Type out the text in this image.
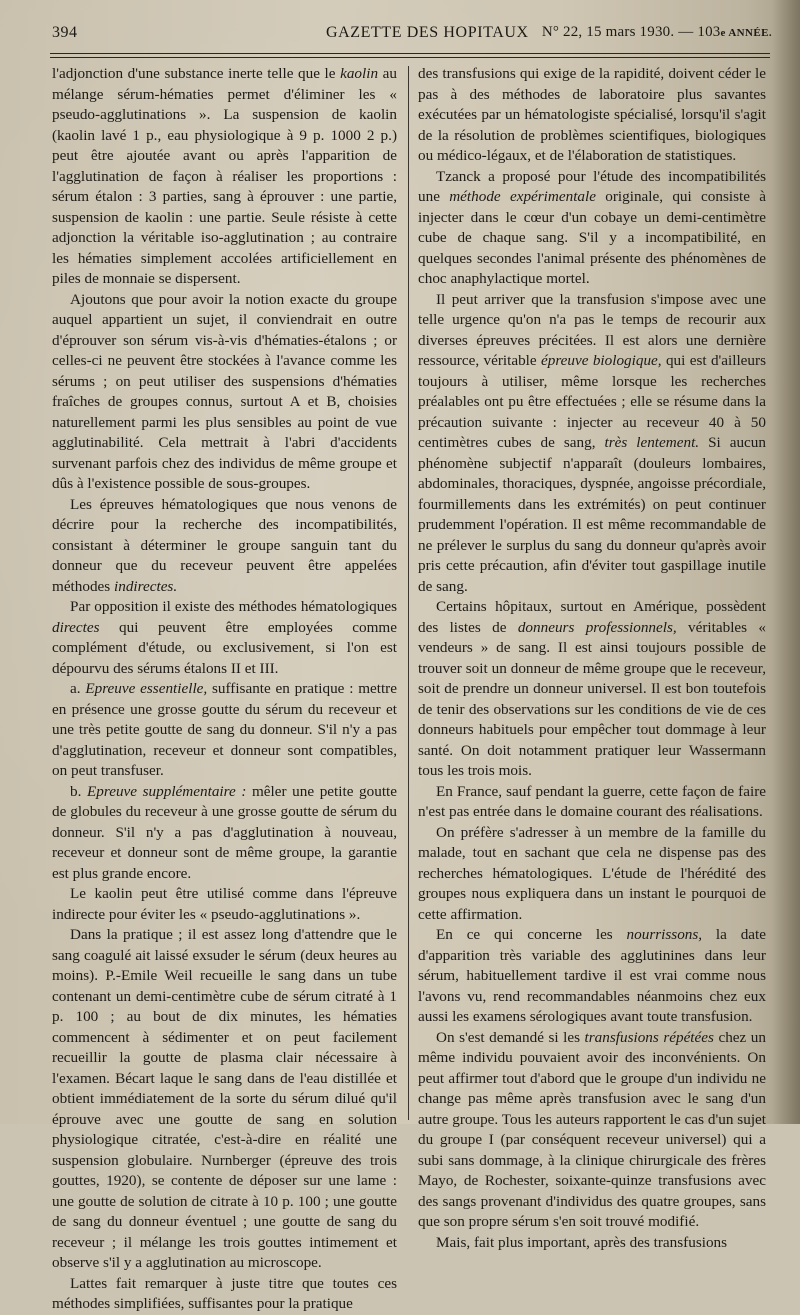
394	GAZETTE DES HOPITAUX N° 22, 15 mars 1930. — 103e ANNÉE.

l'adjonction d'une substance inerte telle que le kaolin au mélange sérum-hématies permet d'éliminer les « pseudo-agglutinations ». La suspension de kaolin (kaolin lavé 1 p., eau physiologique à 9 p. 1000 2 p.) peut être ajoutée avant ou après l'apparition de l'agglutination de façon à réaliser les proportions : sérum étalon : 3 parties, sang à éprouver : une partie, suspension de kaolin : une partie. Seule résiste à cette adjonction la véritable iso-agglutination ; au contraire les hématies simplement accolées artificiellement en piles de monnaie se dispersent.

Ajoutons que pour avoir la notion exacte du groupe auquel appartient un sujet, il conviendrait en outre d'éprouver son sérum vis-à-vis d'hématies-étalons ; or celles-ci ne peuvent être stockées à l'avance comme les sérums ; on peut utiliser des suspensions d'hématies fraîches de groupes connus, surtout A et B, choisies naturellement parmi les plus sensibles au point de vue agglutinabilité. Cela mettrait à l'abri d'accidents survenant parfois chez des individus de même groupe et dûs à l'existence possible de sous-groupes.

Les épreuves hématologiques que nous venons de décrire pour la recherche des incompatibilités, consistant à déterminer le groupe sanguin tant du donneur que du receveur peuvent être appelées méthodes indirectes.

Par opposition il existe des méthodes hématologiques directes qui peuvent être employées comme complément d'étude, ou exclusivement, si l'on est dépourvu des sérums étalons II et III.

a. Epreuve essentielle, suffisante en pratique : mettre en présence une grosse goutte du sérum du receveur et une très petite goutte de sang du donneur. S'il n'y a pas d'agglutination, receveur et donneur sont compatibles, on peut transfuser.

b. Epreuve supplémentaire : mêler une petite goutte de globules du receveur à une grosse goutte de sérum du donneur. S'il n'y a pas d'agglutination à nouveau, receveur et donneur sont de même groupe, la garantie est plus grande encore.

Le kaolin peut être utilisé comme dans l'épreuve indirecte pour éviter les « pseudo-agglutinations ».

Dans la pratique ; il est assez long d'attendre que le sang coagulé ait laissé exsuder le sérum (deux heures au moins). P.-Emile Weil recueille le sang dans un tube contenant un demi-centimètre cube de sérum citraté à 1 p. 100 ; au bout de dix minutes, les hématies commencent à sédimenter et on peut facilement recueillir la goutte de plasma clair nécessaire à l'examen. Bécart laque le sang dans de l'eau distillée et obtient immédiatement de la sorte du sérum dilué qu'il éprouve avec une goutte de sang en solution physiologique citratée, c'est-à-dire en réalité une suspension globulaire. Nurnberger (épreuve des trois gouttes, 1920), se contente de déposer sur une lame : une goutte de solution de citrate à 10 p. 100 ; une goutte de sang du donneur éventuel ; une goutte de sang du receveur ; il mélange les trois gouttes intimement et observe s'il y a agglutination au microscope.

Lattes fait remarquer à juste titre que toutes ces méthodes simplifiées, suffisantes pour la pratique

des transfusions qui exige de la rapidité, doivent céder le pas à des méthodes de laboratoire plus savantes exécutées par un hématologiste spécialisé, lorsqu'il s'agit de la résolution de problèmes scientifiques, biologiques ou médico-légaux, et de l'élaboration de statistiques.

Tzanck a proposé pour l'étude des incompatibilités une méthode expérimentale originale, qui consiste à injecter dans le cœur d'un cobaye un demi-centimètre cube de chaque sang. S'il y a incompatibilité, en quelques secondes l'animal présente des phénomènes de choc anaphylactique mortel.

Il peut arriver que la transfusion s'impose avec une telle urgence qu'on n'a pas le temps de recourir aux diverses épreuves précitées. Il est alors une dernière ressource, véritable épreuve biologique, qui est d'ailleurs toujours à utiliser, même lorsque les recherches préalables ont pu être effectuées ; elle se résume dans la précaution suivante : injecter au receveur 40 à 50 centimètres cubes de sang, très lentement. Si aucun phénomène subjectif n'apparaît (douleurs lombaires, abdominales, thoraciques, dyspnée, angoisse précordiale, fourmillements dans les extrémités) on peut continuer prudemment l'opération. Il est même recommandable de ne prélever le surplus du sang du donneur qu'après avoir pris cette précaution, afin d'éviter tout gaspillage inutile de sang.

Certains hôpitaux, surtout en Amérique, possèdent des listes de donneurs professionnels, véritables « vendeurs » de sang. Il est ainsi toujours possible de trouver soit un donneur de même groupe que le receveur, soit de prendre un donneur universel. Il est bon toutefois de tenir des observations sur les conditions de vie de ces donneurs habituels pour empêcher tout dommage à leur santé. On doit notamment pratiquer leur Wassermann tous les trois mois.

En France, sauf pendant la guerre, cette façon de faire n'est pas entrée dans le domaine courant des réalisations.

On préfère s'adresser à un membre de la famille du malade, tout en sachant que cela ne dispense pas des recherches hématologiques. L'étude de l'hérédité des groupes nous expliquera dans un instant le pourquoi de cette affirmation.

En ce qui concerne les nourrissons, la date d'apparition très variable des agglutinines dans leur sérum, habituellement tardive il est vrai comme nous l'avons vu, rend recommandables néanmoins chez eux aussi les examens sérologiques avant toute transfusion.

On s'est demandé si les transfusions répétées chez un même individu pouvaient avoir des inconvénients. On peut affirmer tout d'abord que le groupe d'un individu ne change pas même après transfusion avec le sang d'un autre groupe. Tous les auteurs rapportent le cas d'un sujet du groupe I (par conséquent receveur universel) qui a subi sans dommage, à la clinique chirurgicale des frères Mayo, de Rochester, soixante-quinze transfusions avec des sangs provenant d'individus des quatre groupes, sans que son propre sérum s'en soit trouvé modifié.

Mais, fait plus important, après des transfusions
